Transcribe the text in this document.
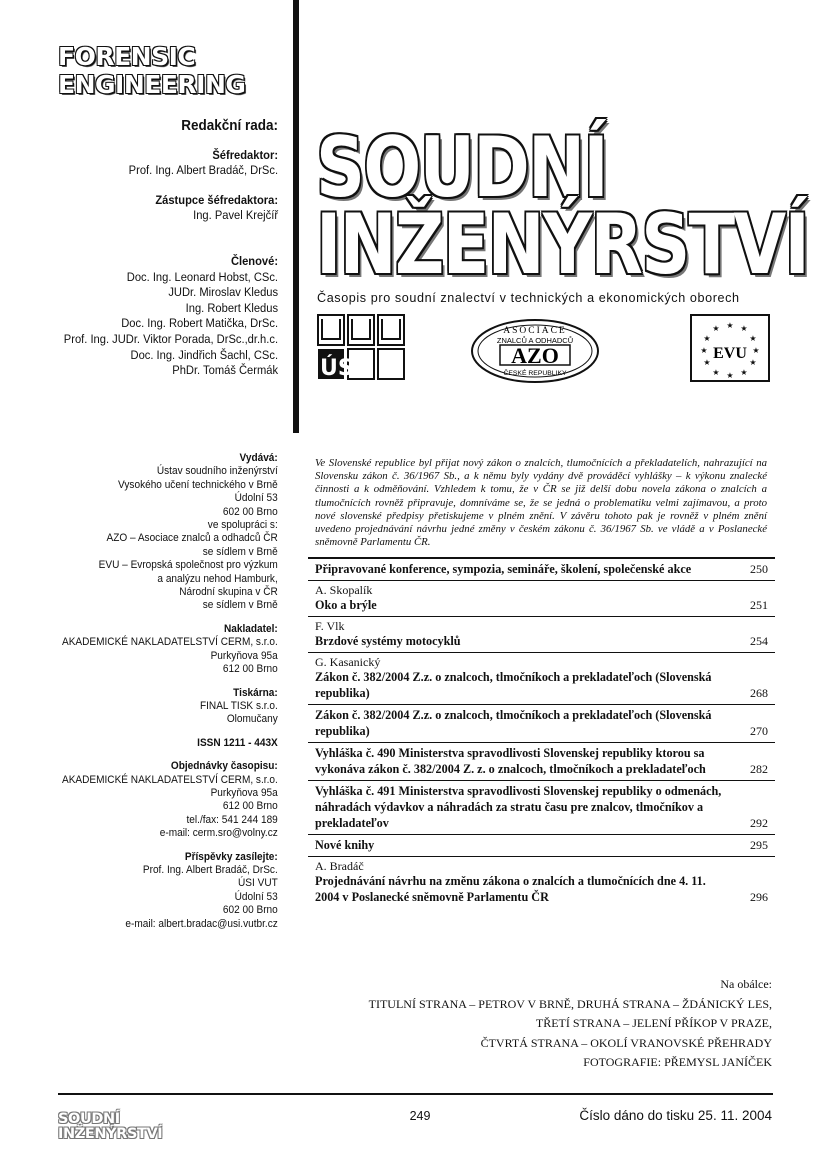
FORENSIC
ENGINEERING
Redakční rada:
Šéfredaktor:
Prof. Ing. Albert Bradáč, DrSc.
Zástupce šéfredaktora:
Ing. Pavel Krejčíř
Členové:
Doc. Ing. Leonard Hobst, CSc.
JUDr. Miroslav Kledus
Ing. Robert Kledus
Doc. Ing. Robert Matička, DrSc.
Prof. Ing. JUDr. Viktor Porada, DrSc.,dr.h.c.
Doc. Ing. Jindřich Šachl, CSc.
PhDr. Tomáš Čermák
SOUDNÍ
INŽENÝRSTVÍ
Časopis pro soudní znalectví v technických a ekonomických oborech
ÚSI
ASOCIACE
ZNALCŮ A ODHADCŮ
AZO
ČESKÉ REPUBLIKY
★ ★
★
★
★
★
★
★
★
★
★
★
EVU
Vydává:
Ústav soudního inženýrství
Vysokého učení technického v Brně
Údolní 53
602 00 Brno
ve spolupráci s:
AZO – Asociace znalců a odhadců ČR
se sídlem v Brně
EVU – Evropská společnost pro výzkum
a analýzu nehod Hamburk,
Národní skupina v ČR
se sídlem v Brně
Nakladatel:
AKADEMICKÉ NAKLADATELSTVÍ CERM, s.r.o.
Purkyňova 95a
612 00 Brno
Tiskárna:
FINAL TISK s.r.o.
Olomučany
ISSN 1211 - 443X
Objednávky časopisu:
AKADEMICKÉ NAKLADATELSTVÍ CERM, s.r.o.
Purkyňova 95a
612 00 Brno
tel./fax: 541 244 189
e-mail: cerm.sro@volny.cz
Příspěvky zasílejte:
Prof. Ing. Albert Bradáč, DrSc.
ÚSI VUT
Údolní 53
602 00 Brno
e-mail: albert.bradac@usi.vutbr.cz
Ve Slovenské republice byl přijat nový zákon o znalcích, tlumočnících a překladatelích, nahrazující na Slovensku zákon č. 36/1967 Sb., a k němu byly vydány dvě prováděcí vyhlášky – k výkonu znalecké činnosti a k odměňování. Vzhledem k tomu, že v ČR se již delší dobu novela zákona o znalcích a tlumočnících rovněž připravuje, domníváme se, že se jedná o problematiku velmi zajímavou, a proto nové slovenské předpisy přetiskujeme v plném znění. V závěru tohoto pak je rovněž v plném znění uvedeno projednávání návrhu jedné změny v českém zákonu č. 36/1967 Sb. ve vládě a v Poslanecké sněmovně Parlamentu ČR.
Připravované konference, sympozia, semináře, školení, společenské akce	250
A. Skopalík
Oko a brýle	251
F. Vlk
Brzdové systémy motocyklů	254
G. Kasanický
Zákon č. 382/2004 Z.z. o znalcoch, tlmočníkoch a prekladateľoch (Slovenská republika)	268
Zákon č. 382/2004 Z.z. o znalcoch, tlmočníkoch a prekladateľoch (Slovenská republika)	270
Vyhláška č. 490 Ministerstva spravodlivosti Slovenskej republiky ktorou sa vykonáva zákon č. 382/2004 Z. z. o znalcoch, tlmočníkoch a prekladateľoch	282
Vyhláška č. 491 Ministerstva spravodlivosti Slovenskej republiky o odmenách, náhradách výdavkov a náhradách za stratu času pre znalcov, tlmočníkov a prekladateľov	292
Nové knihy	295
A. Bradáč
Projednávání návrhu na změnu zákona o znalcích a tlumočnících dne 4. 11. 2004 v Poslanecké sněmovně Parlamentu ČR	296
Na obálce:
TITULNÍ STRANA – PETROV V BRNĚ, DRUHÁ STRANA – ŽDÁNICKÝ LES,
TŘETÍ STRANA – JELENÍ PŘÍKOP V PRAZE,
ČTVRTÁ STRANA – OKOLÍ VRANOVSKÉ PŘEHRADY
FOTOGRAFIE: PŘEMYSL JANÍČEK
SOUDNÍ
INŽENÝRSTVÍ
249	Číslo dáno do tisku 25. 11. 2004
